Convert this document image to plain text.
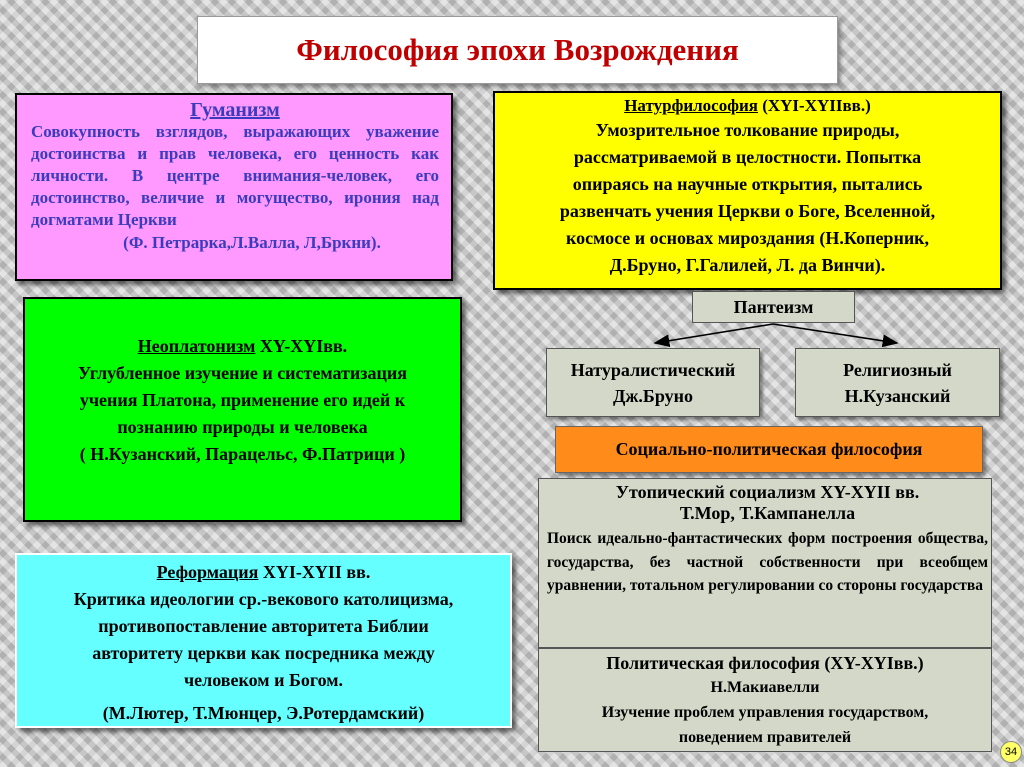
Философия эпохи Возрождения
Гуманизм
Совокупность взглядов, выражающих уважение достоинства и прав человека, его ценность как личности. В центре внимания-человек, его достоинство, величие и могущество, ирония над догматами Церкви
(Ф. Петрарка,Л.Валла, Л,Бркни).
Натурфилософия (XYI-XYIIвв.)
Умозрительное толкование природы,
рассматриваемой в целостности. Попытка
опираясь на научные открытия, пытались
развенчать учения Церкви о Боге, Вселенной,
космосе и основах мироздания (Н.Коперник,
Д.Бруно, Г.Галилей, Л. да Винчи).
Пантеизм
Натуралистический
Дж.Бруно
Религиозный
Н.Кузанский
Неоплатонизм XY-XYIвв.
Углубленное изучение и систематизация
учения Платона, применение его идей к
познанию природы и человека
( Н.Кузанский, Парацельс, Ф.Патрици )
Реформация XYI-XYII вв.
Критика идеологии ср.-векового католицизма,
противопоставление авторитета Библии
авторитету церкви как посредника между
человеком и Богом.
(М.Лютер, Т.Мюнцер, Э.Ротердамский)
Социально-политическая философия
Утопический социализм XY-XYII вв.
Т.Мор, Т.Кампанелла
Поиск идеально-фантастических форм построения общества, государства, без частной собственности при всеобщем уравнении, тотальном регулировании со стороны государства
Политическая философия (XY-XYIвв.)
Н.Макиавелли
Изучение проблем управления государством,
поведением правителей
34
